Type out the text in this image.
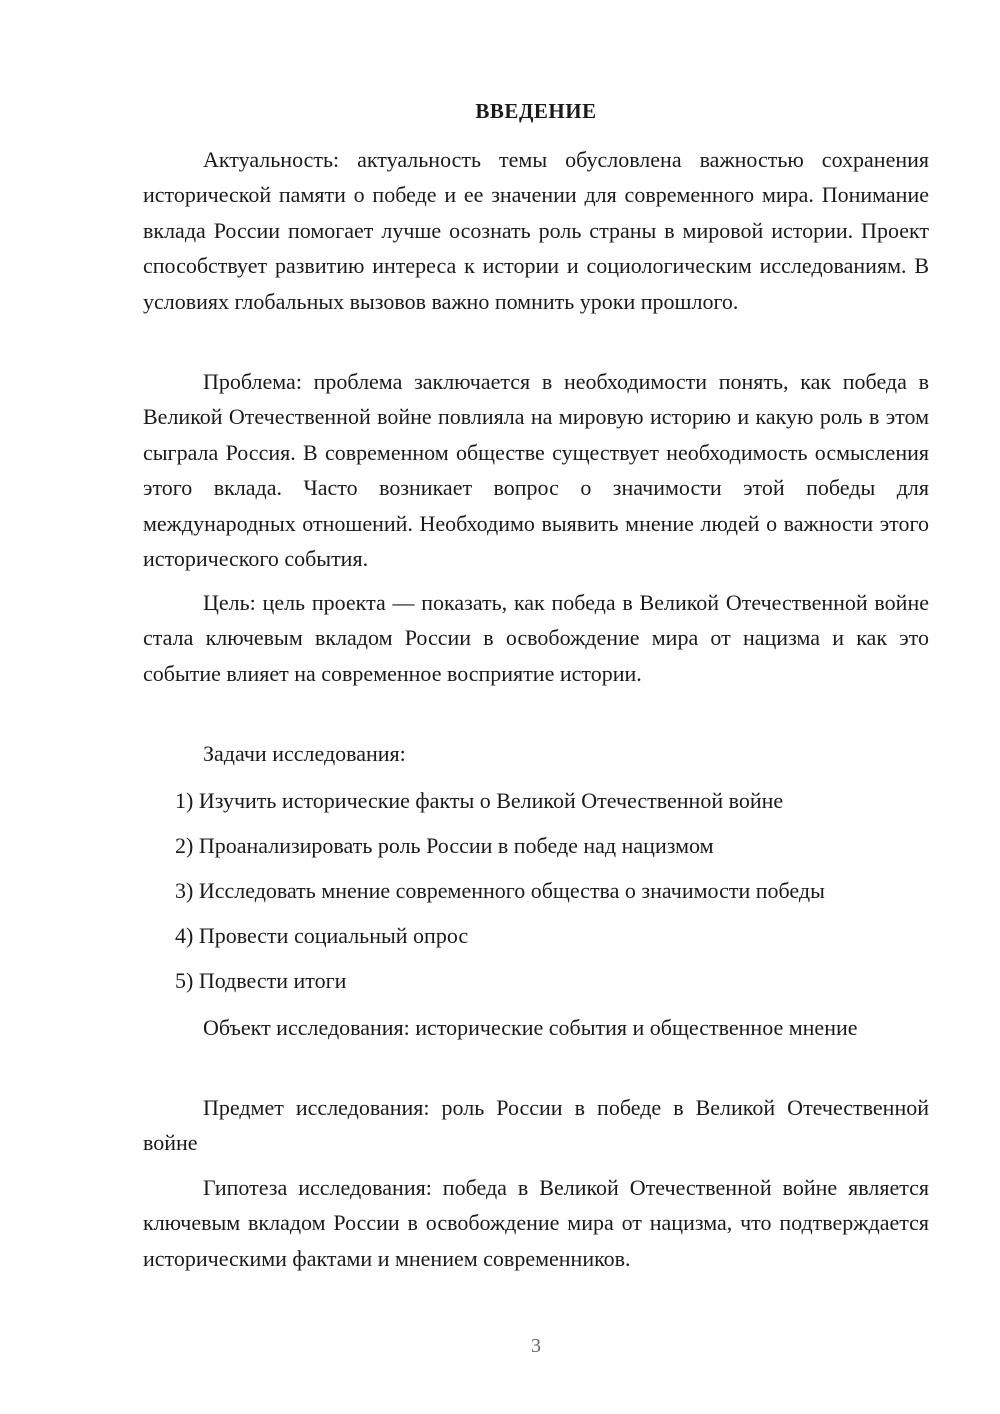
ВВЕДЕНИЕ

Актуальность: актуальность темы обусловлена важностью сохранения исторической памяти о победе и ее значении для современного мира. Понимание вклада России помогает лучше осознать роль страны в мировой истории. Проект способствует развитию интереса к истории и социологическим исследованиям. В условиях глобальных вызовов важно помнить уроки прошлого.

Проблема: проблема заключается в необходимости понять, как победа в Великой Отечественной войне повлияла на мировую историю и какую роль в этом сыграла Россия. В современном обществе существует необходимость осмысления этого вклада. Часто возникает вопрос о значимости этой победы для международных отношений. Необходимо выявить мнение людей о важности этого исторического события.

Цель: цель проекта — показать, как победа в Великой Отечественной войне стала ключевым вкладом России в освобождение мира от нацизма и как это событие влияет на современное восприятие истории.

Задачи исследования:

1) Изучить исторические факты о Великой Отечественной войне

2) Проанализировать роль России в победе над нацизмом

3) Исследовать мнение современного общества о значимости победы

4) Провести социальный опрос

5) Подвести итоги

Объект исследования: исторические события и общественное мнение

Предмет исследования: роль России в победе в Великой Отечественной войне

Гипотеза исследования: победа в Великой Отечественной войне является ключевым вкладом России в освобождение мира от нацизма, что подтверждается историческими фактами и мнением современников.

3
